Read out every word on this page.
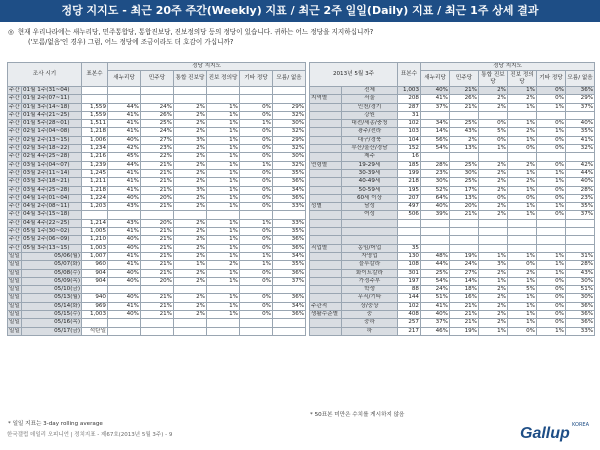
정당 지지도 - 최근 20주 주간(Weekly) 지표 / 최근 2주 일일(Daily) 지표 / 최근 1주 상세 결과
◎ 현재 우리나라에는 새누리당, 민주통합당, 통합진보당, 진보정의당 등의 정당이 있습니다. 귀하는 어느 정당을 지지하십니까?
('모름/없음'인 경우) 그럼, 어느 정당에 조금이라도 더 호감이 가십니까?
조사 시기		표본수	정당 지지도					
			새누리당	민주당	통합 진보당	진보 정의당	기타 정당	모름/ 없음
주간	01월 1주(31~04)							
주간	01월 2주(07~11)							
주간	01월 3주(14~18)	1,559	44%	24%	2%	1%	0%	29%
주간	01월 4주(21~25)	1,559	41%	26%	2%	1%	0%	32%
주간	01월 5주(28~01)	1,511	41%	25%	2%	1%	1%	30%
주간	02월 1주(04~08)	1,218	41%	24%	2%	1%	0%	32%
주간	02월 2주(13~15)	1,006	40%	27%	3%	1%	0%	29%
주간	02월 3주(18~22)	1,234	42%	23%	2%	1%	0%	32%
주간	02월 4주(25~28)	1,216	45%	22%	2%	1%	0%	30%
주간	03월 1주(04~07)	1,239	44%	21%	2%	1%	1%	32%
주간	03월 2주(11~14)	1,245	41%	21%	2%	1%	0%	35%
주간	03월 3주(18~21)	1,211	41%	21%	2%	1%	0%	36%
주간	03월 4주(25~28)	1,218	41%	21%	3%	1%	0%	34%
주간	04월 1주(01~04)	1,224	40%	20%	2%	1%	0%	36%
주간	04월 2주(08~11)	1,203	43%	21%	2%	1%	0%	33%
주간	04월 3주(15~18)							
주간	04월 4주(22~25)	1,214	43%	20%	2%	1%	1%	33%
주간	05월 1주(30~02)	1,005	41%	21%	2%	1%	0%	35%
주간	05월 2주(06~09)	1,210	40%	21%	2%	1%	0%	36%
주간	05월 3주(13~15)	1,003	40%	21%	2%	1%	0%	36%
일일	05/06(월)	1,007	41%	21%	2%	1%	1%	34%
일일	05/07(화)	960	41%	21%	1%	2%	1%	35%
일일	05/08(수)	904	40%	21%	2%	1%	0%	36%
일일	05/09(목)	904	40%	20%	2%	1%	0%	37%
일일	05/10(금)							
일일	05/13(월)	940	40%	21%	2%	1%	0%	36%
일일	05/14(화)	969	41%	21%	2%	1%	0%	34%
일일	05/15(수)	1,003	40%	21%	2%	1%	0%	36%
일일	05/16(목)							
일일	05/17(금)	석탄일						
* 일일 지표는 3-day rolling average
2013년 5월 3주		표본수	정당 지지도					
			새누리당	민주당	통합 진보당	진보 정의당	기타 정당	모름/ 없음
	전체	1,003	40%	21%	2%	1%	0%	36%
지역별	서울	208	41%	26%	2%	2%	0%	29%
	인천/경기	287	37%	21%	2%	1%	1%	37%
	강원	31						
	대전/세종/충청	102	34%	25%	0%	1%	0%	40%
	광주/전라	103	14%	43%	5%	2%	1%	35%
	대구/경북	104	56%	2%	0%	1%	0%	41%
	부산/울산/경남	152	54%	13%	1%	0%	0%	32%
	제주	16						
연령별	19-29세	185	28%	25%	2%	2%	0%	42%
	30-39세	199	23%	30%	2%	1%	1%	44%
	40-49세	218	30%	25%	2%	2%	1%	40%
	50-59세	195	52%	17%	2%	1%	0%	28%
	60세 이상	207	64%	13%	0%	0%	0%	23%
성별	남성	497	40%	20%	2%	1%	1%	35%
	여성	506	39%	21%	2%	1%	0%	37%

직업별	농임/어업	35						
	자영업	130	48%	19%	1%	1%	1%	31%
	블루칼라	108	44%	24%	3%	0%	1%	28%
	화이트칼라	301	25%	27%	2%	2%	1%	43%
	가정주부	197	54%	14%	1%	1%	0%	30%
	학생	88	24%	18%	2%	5%	0%	51%
	무직/기타	144	51%	16%	2%	1%	0%	30%
주관적	상/중상	102	41%	21%	2%	1%	0%	36%
생활수준별	중	408	40%	21%	2%	1%	0%	36%
	중하	257	37%	21%	2%	1%	0%	36%
	하	217	46%	19%	1%	0%	1%	33%
* 50표본 미만은 수치를 게시하지 않음
한국갤럽 데일리 오피니언 | 정치지표 - 제67호(2013년 5월 3주) - 9
KOREA
Gallup
